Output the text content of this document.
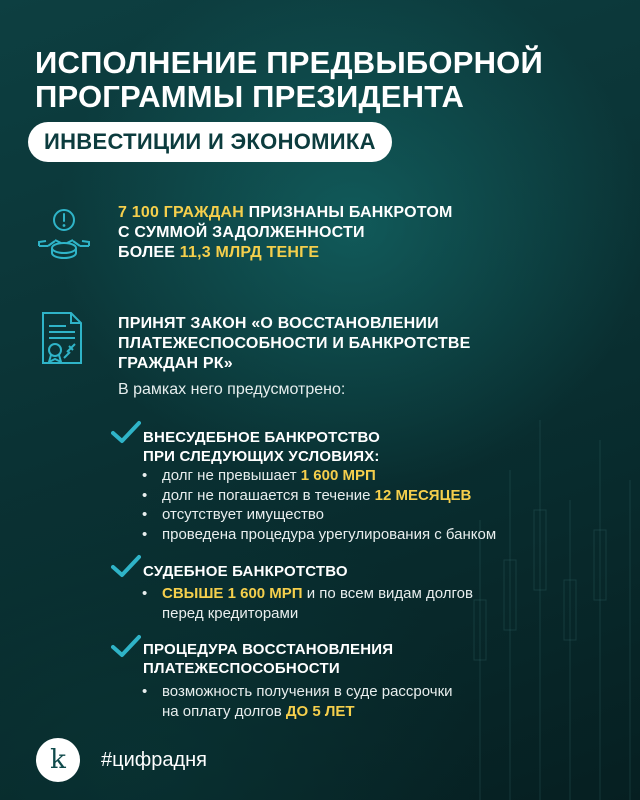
ИСПОЛНЕНИЕ ПРЕДВЫБОРНОЙ
ПРОГРАММЫ ПРЕЗИДЕНТА
ИНВЕСТИЦИИ И ЭКОНОМИКА
7 100 ГРАЖДАН ПРИЗНАНЫ БАНКРОТОМ
С СУММОЙ ЗАДОЛЖЕННОСТИ
БОЛЕЕ 11,3 МЛРД ТЕНГЕ
ПРИНЯТ ЗАКОН «О ВОССТАНОВЛЕНИИ
ПЛАТЕЖЕСПОСОБНОСТИ И БАНКРОТСТВЕ
ГРАЖДАН РК»
В рамках него предусмотрено:
ВНЕСУДЕБНОЕ БАНКРОТСТВО
ПРИ СЛЕДУЮЩИХ УСЛОВИЯХ:
• долг не превышает 1 600 МРП
• долг не погашается в течение 12 МЕСЯЦЕВ
• отсутствует имущество
• проведена процедура урегулирования с банком
СУДЕБНОЕ БАНКРОТСТВО
• СВЫШЕ 1 600 МРП и по всем видам долгов
перед кредиторами
ПРОЦЕДУРА ВОССТАНОВЛЕНИЯ
ПЛАТЕЖЕСПОСОБНОСТИ
• возможность получения в суде рассрочки
на оплату долгов ДО 5 ЛЕТ
k #цифрадня
